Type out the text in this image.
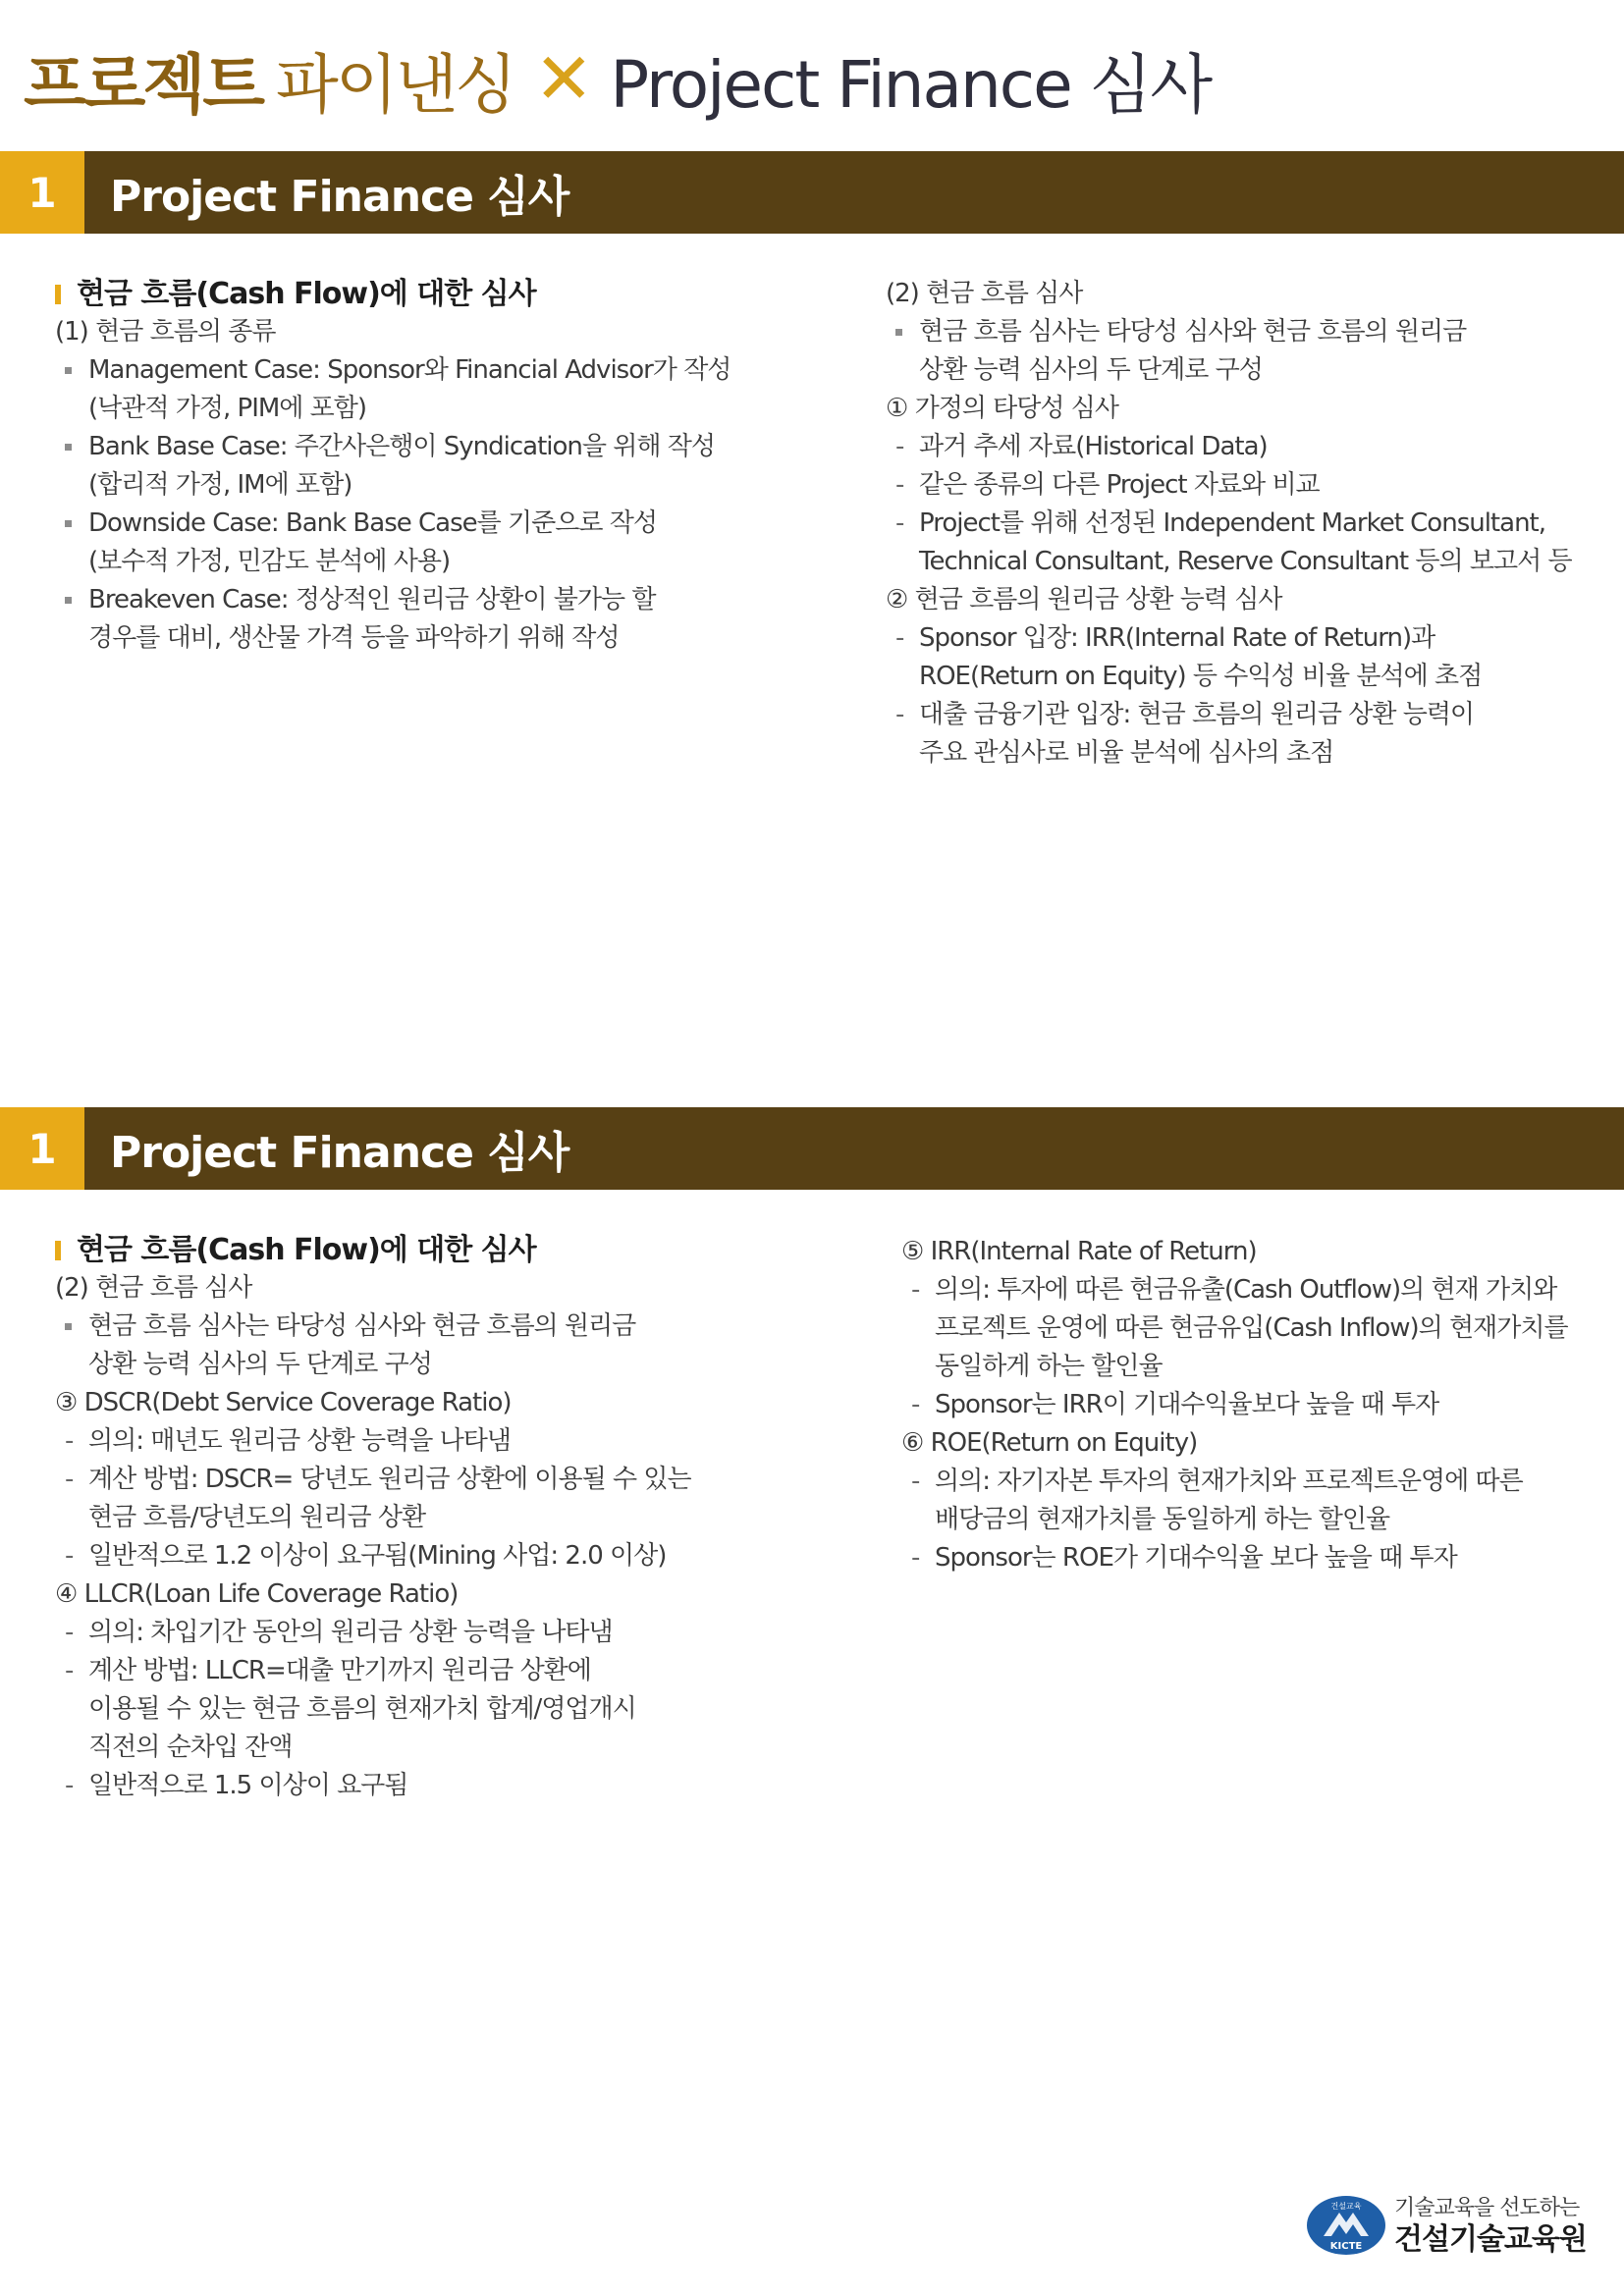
프로젝트 파이낸싱 ✕ Project Finance 심사
1	Project Finance 심사
현금 흐름(Cash Flow)에 대한 심사
(1) 현금 흐름의 종류
Management Case: Sponsor와 Financial Advisor가 작성
(낙관적 가정, PIM에 포함)
Bank Base Case: 주간사은행이 Syndication을 위해 작성
(합리적 가정, IM에 포함)
Downside Case: Bank Base Case를 기준으로 작성
(보수적 가정, 민감도 분석에 사용)
Breakeven Case: 정상적인 원리금 상환이 불가능 할
경우를 대비, 생산물 가격 등을 파악하기 위해 작성
(2) 현금 흐름 심사
현금 흐름 심사는 타당성 심사와 현금 흐름의 원리금
상환 능력 심사의 두 단계로 구성
① 가정의 타당성 심사
- 과거 추세 자료(Historical Data)
- 같은 종류의 다른 Project 자료와 비교
- Project를 위해 선정된 Independent Market Consultant,
Technical Consultant, Reserve Consultant 등의 보고서 등
② 현금 흐름의 원리금 상환 능력 심사
- Sponsor 입장: IRR(Internal Rate of Return)과
ROE(Return on Equity) 등 수익성 비율 분석에 초점
- 대출 금융기관 입장: 현금 흐름의 원리금 상환 능력이
주요 관심사로 비율 분석에 심사의 초점
1	Project Finance 심사
현금 흐름(Cash Flow)에 대한 심사
(2) 현금 흐름 심사
현금 흐름 심사는 타당성 심사와 현금 흐름의 원리금
상환 능력 심사의 두 단계로 구성
③ DSCR(Debt Service Coverage Ratio)
- 의의: 매년도 원리금 상환 능력을 나타냄
- 계산 방법: DSCR= 당년도 원리금 상환에 이용될 수 있는
현금 흐름/당년도의 원리금 상환
- 일반적으로 1.2 이상이 요구됨(Mining 사업: 2.0 이상)
④ LLCR(Loan Life Coverage Ratio)
- 의의: 차입기간 동안의 원리금 상환 능력을 나타냄
- 계산 방법: LLCR=대출 만기까지 원리금 상환에
이용될 수 있는 현금 흐름의 현재가치 합계/영업개시
직전의 순차입 잔액
- 일반적으로 1.5 이상이 요구됨
⑤ IRR(Internal Rate of Return)
- 의의: 투자에 따른 현금유출(Cash Outflow)의 현재 가치와
프로젝트 운영에 따른 현금유입(Cash Inflow)의 현재가치를
동일하게 하는 할인율
- Sponsor는 IRR이 기대수익율보다 높을 때 투자
⑥ ROE(Return on Equity)
- 의의: 자기자본 투자의 현재가치와 프로젝트운영에 따른
배당금의 현재가치를 동일하게 하는 할인율
- Sponsor는 ROE가 기대수익율 보다 높을 때 투자
건설교육
KICTE
기술교육을 선도하는
건설기술교육원
